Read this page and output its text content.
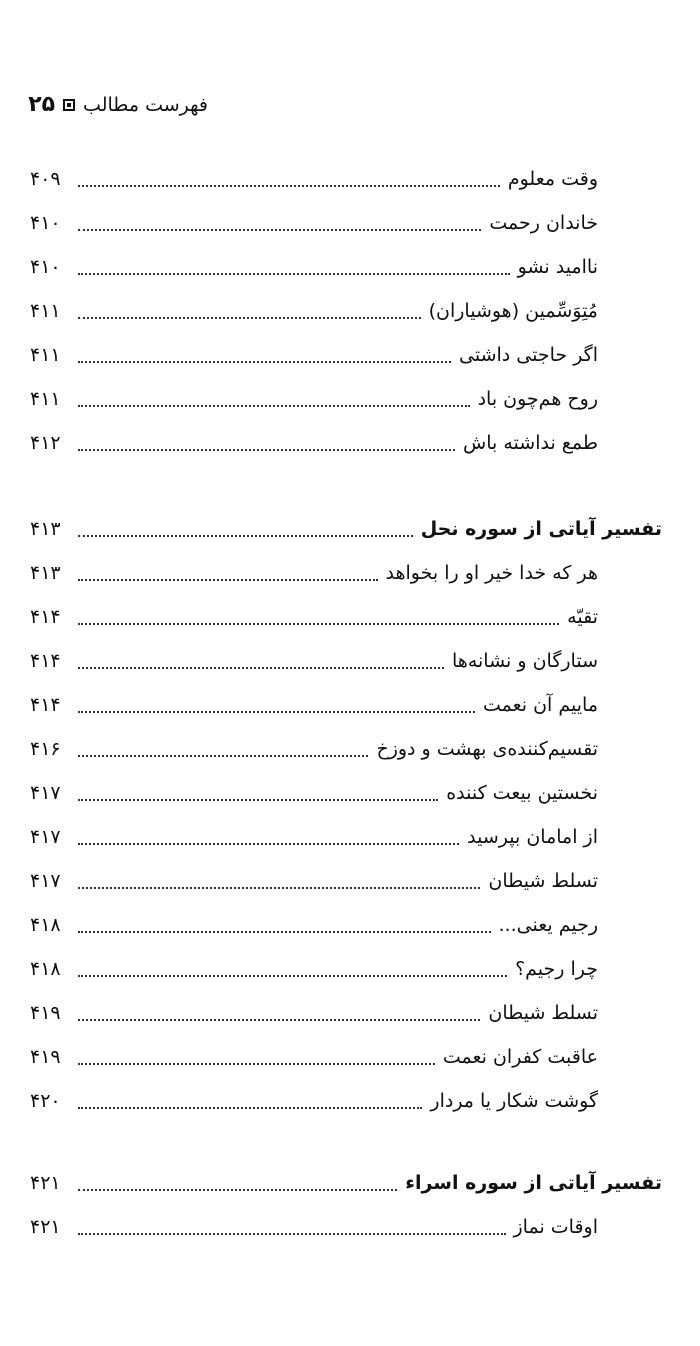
فهرست مطالب
۲۵
وقت معلوم
۴۰۹
خاندان رحمت
۴۱۰
ناامید نشو
۴۱۰
مُتِوَسِّمین (هوشیاران)
۴۱۱
اگر حاجتی داشتی
۴۱۱
روح هم‌چون باد
۴۱۱
طمع نداشته باش
۴۱۲
تفسیر آیاتی از سوره نحل
۴۱۳
هر که خدا خیر او را بخواهد
۴۱۳
تقیّه
۴۱۴
ستارگان و نشانه‌ها
۴۱۴
ماییم آن نعمت
۴۱۴
تقسیم‌کننده‌ی بهشت و دوزخ
۴۱۶
نخستین بیعت کننده
۴۱۷
از امامان بپرسید
۴۱۷
تسلط شیطان
۴۱۷
رجیم یعنی...
۴۱۸
چرا رجیم؟
۴۱۸
تسلط شیطان
۴۱۹
عاقبت کفران نعمت
۴۱۹
گوشت شکار یا مردار
۴۲۰
تفسیر آیاتی از سوره اسراء
۴۲۱
اوقات نماز
۴۲۱
